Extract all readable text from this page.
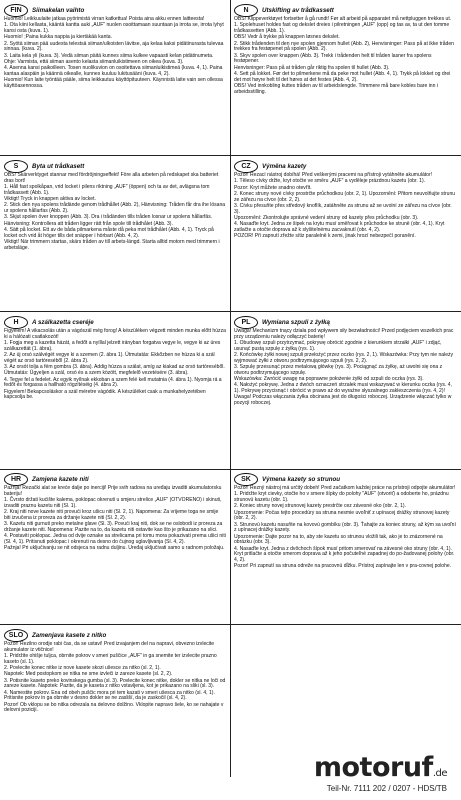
FIN	Siimakelan vaihto

Huomio! Leikkuulaite jatkaa pyörimistä virran katkettua! Poista aina akku ennen laitteesta!

1. Ota kiini kellasta, kääntä kantta auki „AUF" nuolen osoittamaan suuntaan ja irrota se, irrota lyhyt kansi osta (kuva. 1).

Huomio! ;Paina kukka nappia ja kiertäkää kanta.

2. Syötä siiman pää uudesta telestsä siiman/ulkoisten lävitse, aja kelaa kaksi pidätinurasta tulevaa sinnaa. (kuva. 2).

3. Laita kela yli (kuva. 3). Vedä siiman päitä kunnes siima kulkee vapaasti kelan pidätinumeta.

Ohje: Varmista, että siiman asento kelasta siimanluikistimeen on oikea (kuva. 3).

4. Asenna kansi paikoilleen. Tosen nuolikuvion on osoitettava siimanluikistimeä (kuva. 4, 1). Paina kantaa alaspäin ja käännä oikealle, kunnes kuuluu lukitusääni (kuva. 4, 2).

Huomio! Kun laite työntää pääle, siima leikkautuu käyttöpituuteen. Käynnistä laite vain sen ollessa käyttöasennossa.

N	Utskifting av trådkassett

OBS! Klippeverktøyet fortsetter å gå rundt! Før alt arbeid på apparatet må nettpluggen trekkes ut.

1. Spolehuset holdes fast og dekslet dreies i pilretningen „AUF" (opp) og tas av, ta ut den tomme trådkassetten (Abb. 1).

OBS! Vedr å trykke på knappen løsnes dekslet.

2. Stikk trådenden til den nye spolen gjennom hullet (Abb. 2), Henvisninger: Pass på at ikke tråden trekkes fra festøpenet på spolen (Abb. 2).

3. Skyv spolen over knappen (Abb. 3). Trekk i trådenden helt til tråden lasner fra spolens festøpener.

Henvisninger: Pass på at tråden går riktig fra spolen til hullet (Abb. 3).

4. Sett på lokket. Før det to pilmerkene må da peke mot hullet (Abb. 4, 1). Trykk på lokket og drei det mot høyre helt til det høres at det festes (Abb. 4, 2).

OBS! Ved innkobling kuttes tråden av til arbeidslengde. Trimmere må bare kobles bare inn i arbeidsstilling.

S	Byta ut trådkasett

OBS! Skärverktyget stannar med fördröjningseffekt! Före alla arbeten på redskapet ska batteriet dras bort!

1. Håll fast spolkåpan, vrid locket i pilens riktning „AUF" (öppen) och ta av det, avlägsna tom trådkassett (Abb. 1).

Viktigt! Tryck in knappen aktiva av locket.

2. Stick den nya spolens trådände genom trådhållet (Abb. 2), Hänvisning: Tråden får dra ihe lösana ur spolens hållarfas (Abb. 2).

3. Skjut spolen över knoppen (Abb. 3). Dra i trådänden tills tråden losnar ur spolens hållarfäs.

Hänvisning: Kontrollera att tråden ligger rätt från spole till trådhålet (Abb. 3).

4. Sätt på locket. Ett av de båda pilmarkena måste då peka mot trådhålet (Abb. 4, 1). Tryck på locket och vrid åt höger tills det snäpper i hörbart (Abb. 4, 2).

Viktigt! När trimmern startas, skärs tråden av till arbets-längd. Starta alltid motorn med trimmern i arbetsläge.

CZ	Výměna kazety

Pozor! Řezací nástroj dobíhá! Před veškerými pracemi na přístroji vytáhněte akumulátor!

1. Těleso cívky držte, kryt otočte ve směru „AUF" a vyděleje prázdnou kazetu (obr. 1).

Pozor: Kryt můžete snadno otevřít.

2. Konec struny nové cívky prostrčte průchodkou (obr. 2, 1). Upozornění: Přitom neuvolňujte strunu ze zářezu na cívce (obr. 2, 2).

3. Cívku přesuňte přes středový knoflík, zatáhněte za strunu až se uvolní ze zářezu na cívce (obr. 3).

Upozornění: Zkontrolujte správné vedení struny od kazety přes průchodku (obr. 3).

4. Nasaďte kryt. Jedna ze šipek na krytu musí směřovat k průchodce ke struně (obr. 4, 1). Kryt zatlačte a otočte doprava až k slyšitelnému zacvaknutí (obr. 4, 2).

POZOR! Při zapnutí zřežte sítiz paralelně k zemi, jinak hrozí nebezpečí poranění.

H	A szálkazetta cseréje

Figyelem! A vikacsolás után a vágószál még forog! A készüléken végzett minden munka előtt húzza ki a hálózati csatlakozót!

1. Fogja meg a kazetta házát, a fedőt a nyíllal jelzett irányban forgatva vegye le, vegye ki az üres szálkazettát (1. ábra).

2. Az új orsó szálvégét vegye ki a szemen (2. ábra 1). Útmutatás: Ekkőzben ne húzza ki a szál végét az orsó tartóreséből (2. ábra 2).

3. Az orsót tolja a fém gombra (3. ábra). Addig húzza a szálat, amíg az kiakad az orsó tartóreséből.

Útmutatás: Ügyeljen a szál, orsó és a szem között, megfelelő vezetésére (3. ábra).

4. Tegye fel a fedelet. Az egyik nyílnak ekkoban a szem felé kell mutatnia (4. ábra 1). Nyomja rá a fedőt és forgassa a hallható rögzítéséig (4. ábra 2).

Figyelem! Bekapcsoláskor a szál méretre vágódik. A készüléket csak a munkahelyzetében kapcsolja be.

PL	Wymiana szpuli z żyłką

Uwaga! Mechanizm tnący działa pod wpływem siły bezwładności! Przed podjęciem wszelkich prac przy urządzeniu należy odłączyć baterię!

1. Obudowę szpuli przytrzymać, pokrywę obrócić zgodnie z kierunkiem strzałki „AUF" i zdjąć, usunąć pustą szpulę z żyłką (rys. 1).

2. Końcówkę żyłki nowej szpuli przełożyć przez oczko (rys. 2, 1). Wskazówka: Przy tym nie należy wyjmować żyłki z otworu podtrzymującego szpuli (rys. 2, 2).

3. Szpulę przesunąć przez metalową główkę (rys. 3). Pociągnąć za żyłkę, aż uwolni się ona z otworu podtrzymującego szpulę.

Wskazówka: Zwrócić uwagę na poprawne położenie żyłki od szpuli do oczka (rys. 3).

4. Nałożyć pokrywę. Jedna z dwóch oznaczeń strzałek musi wskazywać w kierunku oczka (rys. 4, 1). Pokrywę przycisnąć i obrócić w prawo aż do wyraźne słyszalnego zakleszczenia (rys. 4, 2)!

Uwaga! Podczas włączania żyłka obcinana jest do długości roboczej. Urządzenie włączać tylko w pozycji roboczej.

HR	Zamjena kazete niti

Pažnja! Rezački alat se kreće dalje po inerciji! Prije svih radova na uređaju izvaditi akumulatorsku bateriju!

1. Čvrsto držati kućište kalema, poklopac okrenuti u smjeru strelice „AUF" (OTVORENO) i skinuti, izvaditi praznu kazetu niti (Sl. 1).

2. Kraj niti nove kazete niti provući kroz ušicu niti (Sl. 2, 1). Napomena: Za vrijeme toga ne smije biti izvučena iz proreza za držanje kazete niti (Sl. 2, 2).

3. Kazetu niti gurnuti preko metalne glave (Sl. 3). Povući kraj niti, dok se ne oslobodi iz proreza za držanje kazete niti. Napomena: Pazite na to, da kazetu niti ostavite kao što je prikazano na slici.

4. Postaviti poklopac. Jedna od dvije oznake sa strelicama pri tomu mora pokazivati prema ušici niti (Sl. 4, 1). Pritisnuti poklopac i okrenuti na desno do čujnog uglavljivanja (Sl. 4, 2).

Pažnja! Pri uključivanju se nit odsjeca na radnu duljinu. Uređaj uključivati samo u radnom položaju.

SK	Výmena kazety so strunou

Pozor! Rezný nástroj má určitý dobeh! Pred začatkom každej práce na prístroji odpojte akumulátor!

1. Pridržte kryt cievky, otočte ho v smere šípky do polohy "AUF" (otvoriť) a odoberte ho, prázdnu strunovú kazetu (obr. 1).

2. Koniec struny novej strunovej kazety prestrčte cez závesné oko (obr. 2, 1).

Upozornenie: Počas tejto procedúry sa struna nesmie uvoľniť z upínacej drážky strunovej kazety (obr. 2, 2).

3. Strunovú kazetu nasuňte na kovovú gombíku (obr. 3). Ťahajte za koniec struny, až kým sa uvoľní z upínacej drážky kazety.

Upozornenie: Dajte pozor na to, aby ste kazetu so strunou vložili tak, ako je to znázornené na obrázku (obr. 3).

4. Nasaďte kryt. Jedna z dvôchoch šípok musí pritom smerovať na závesné oko struny (obr. 4, 1). Kryt pritlačte a otočte smerom doprava až k jeho počuteľné zapadnej do po-žadovanej polohy (obr. 4, 2).

Pozor! Pri zapnutí sa struna odreže na pracovnú dĺžku. Prístroj zapínajte len v pra-covnej polohe.

SLO	Zamenjava kasete z nitko

Pozor! Rezilno orodje rabi čas, da se ustavi! Pred izvajanjem del na napravi, obvezno izvlecite akumulator iz vtičnice!

1. Pridržite ohišje tuljca, obrnite pokrov v smeri puščice „AUF" in ga snemite ter izvlecite prazno kaseto (sl. 1).

2. Povlecite konec nitke iz nove kasete skozi ušesce za nitko (sl. 2, 1).

Napotek: Med postopkom se nitka ne sme izvleči iz zareze kasete (sl. 2, 2).

3. Potisnite kaseto preko kovinskega gumba (sl. 3). Povlecite konec nitke, dokler se nitka ne loči od zareze kasete. Napotek: Pazite, da je kaseta z nitko vstavljena, kot je prikazano na sliki (sl. 3).

4. Namestite pokrov. Ena od obeh puščic mora pri tem kazati v smeri ušesca za nitko (sl. 4, 1). Pritisnite pokrov in ga obrnite v desno dokler se ne zasliší, da je zaskočil (sl. 4, 2).

Pozor! Ob vklopu se bo nitka odrezala na delovno dolžino. Vklopite napravo šele, ko se nahajate v delovni poziciji.

motoruf.de
Teil-Nr. 7111 202 / 0207 - HDS/TB
